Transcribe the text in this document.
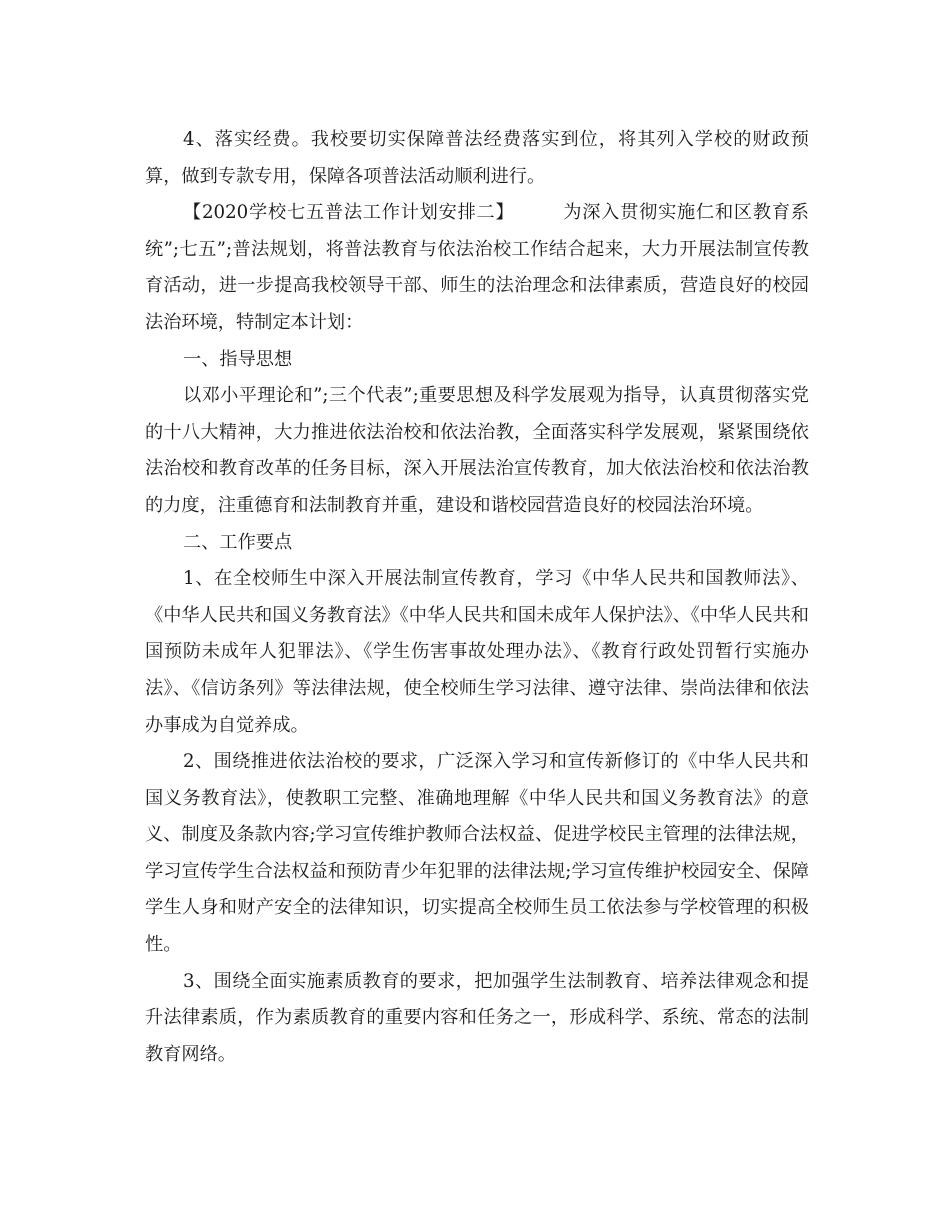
4、落实经费。我校要切实保障普法经费落实到位，将其列入学校的财政预算，做到专款专用，保障各项普法活动顺利进行。

【2020学校七五普法工作计划安排二】	为深入贯彻实施仁和区教育系统”;七五”;普法规划，将普法教育与依法治校工作结合起来，大力开展法制宣传教育活动，进一步提高我校领导干部、师生的法治理念和法律素质，营造良好的校园法治环境，特制定本计划：

一、指导思想

以邓小平理论和”;三个代表”;重要思想及科学发展观为指导，认真贯彻落实党的十八大精神，大力推进依法治校和依法治教，全面落实科学发展观，紧紧围绕依法治校和教育改革的任务目标，深入开展法治宣传教育，加大依法治校和依法治教的力度，注重德育和法制教育并重，建设和谐校园营造良好的校园法治环境。

二、工作要点

1、在全校师生中深入开展法制宣传教育，学习《中华人民共和国教师法》、《中华人民共和国义务教育法》《中华人民共和国未成年人保护法》、《中华人民共和国预防未成年人犯罪法》、《学生伤害事故处理办法》、《教育行政处罚暂行实施办法》、《信访条列》等法律法规，使全校师生学习法律、遵守法律、崇尚法律和依法办事成为自觉养成。

2、围绕推进依法治校的要求，广泛深入学习和宣传新修订的《中华人民共和国义务教育法》，使教职工完整、准确地理解《中华人民共和国义务教育法》的意义、制度及条款内容;学习宣传维护教师合法权益、促进学校民主管理的法律法规，学习宣传学生合法权益和预防青少年犯罪的法律法规;学习宣传维护校园安全、保障学生人身和财产安全的法律知识，切实提高全校师生员工依法参与学校管理的积极性。

3、围绕全面实施素质教育的要求，把加强学生法制教育、培养法律观念和提升法律素质，作为素质教育的重要内容和任务之一，形成科学、系统、常态的法制教育网络。
